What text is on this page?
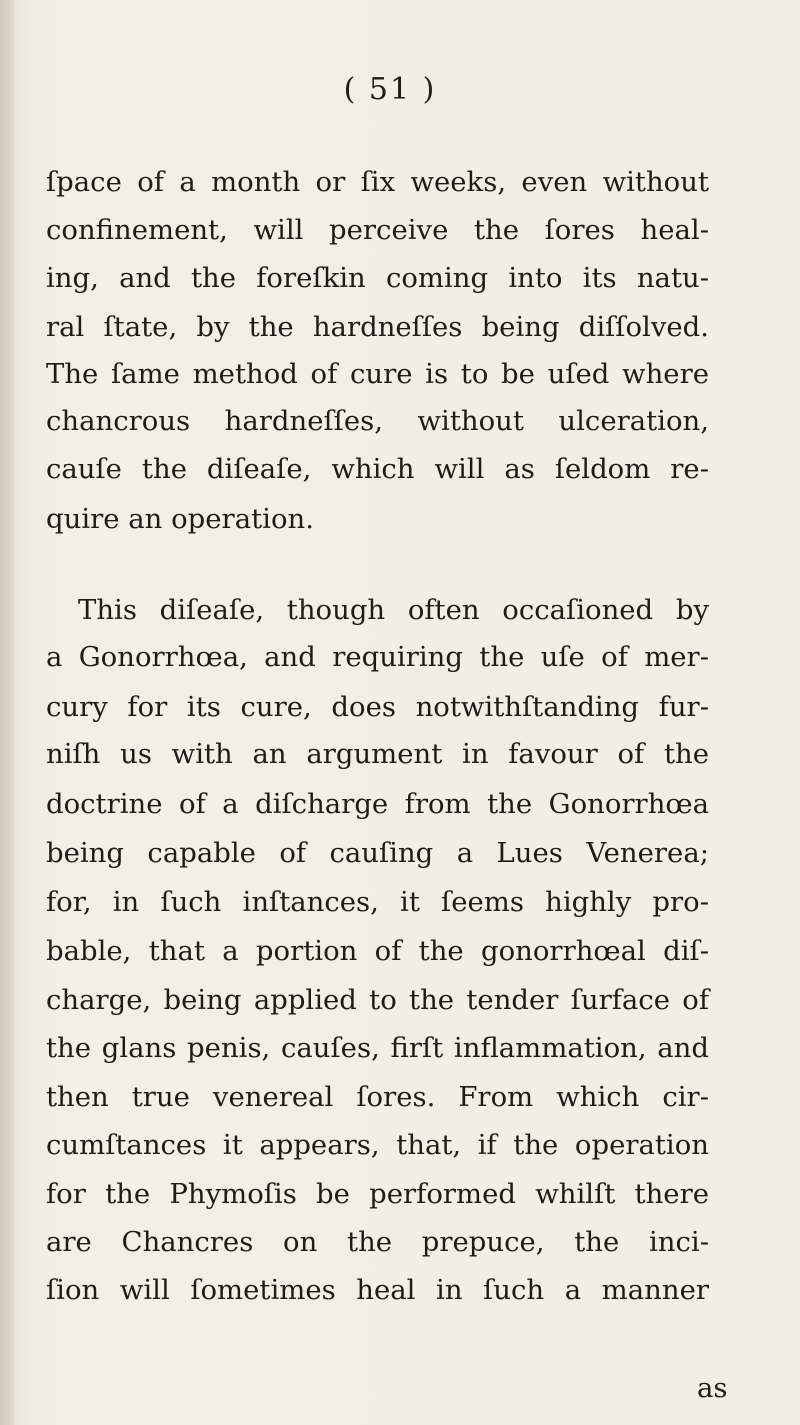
( 51 )
ſpace of a month or ſix weeks, even without
confinement, will perceive the ſores heal-
ing, and the foreſkin coming into its natu-
ral ſtate, by the hardneſſes being diſſolved.
The ſame method of cure is to be uſed where
chancrous hardneſſes, without ulceration,
cauſe the diſeaſe, which will as ſeldom re-
quire an operation.
This diſeaſe, though often occaſioned by
a Gonorrhœa, and requiring the uſe of mer-
cury for its cure, does notwithſtanding fur-
niſh us with an argument in favour of the
doctrine of a diſcharge from the Gonorrhœa
being capable of cauſing a Lues Venerea;
for, in ſuch inſtances, it ſeems highly pro-
bable, that a portion of the gonorrhœal diſ-
charge, being applied to the tender ſurface of
the glans penis, cauſes, firſt inflammation, and
then true venereal ſores. From which cir-
cumſtances it appears, that, if the operation
for the Phymoſis be performed whilſt there
are Chancres on the prepuce, the inci-
ſion will ſometimes heal in ſuch a manner
as
